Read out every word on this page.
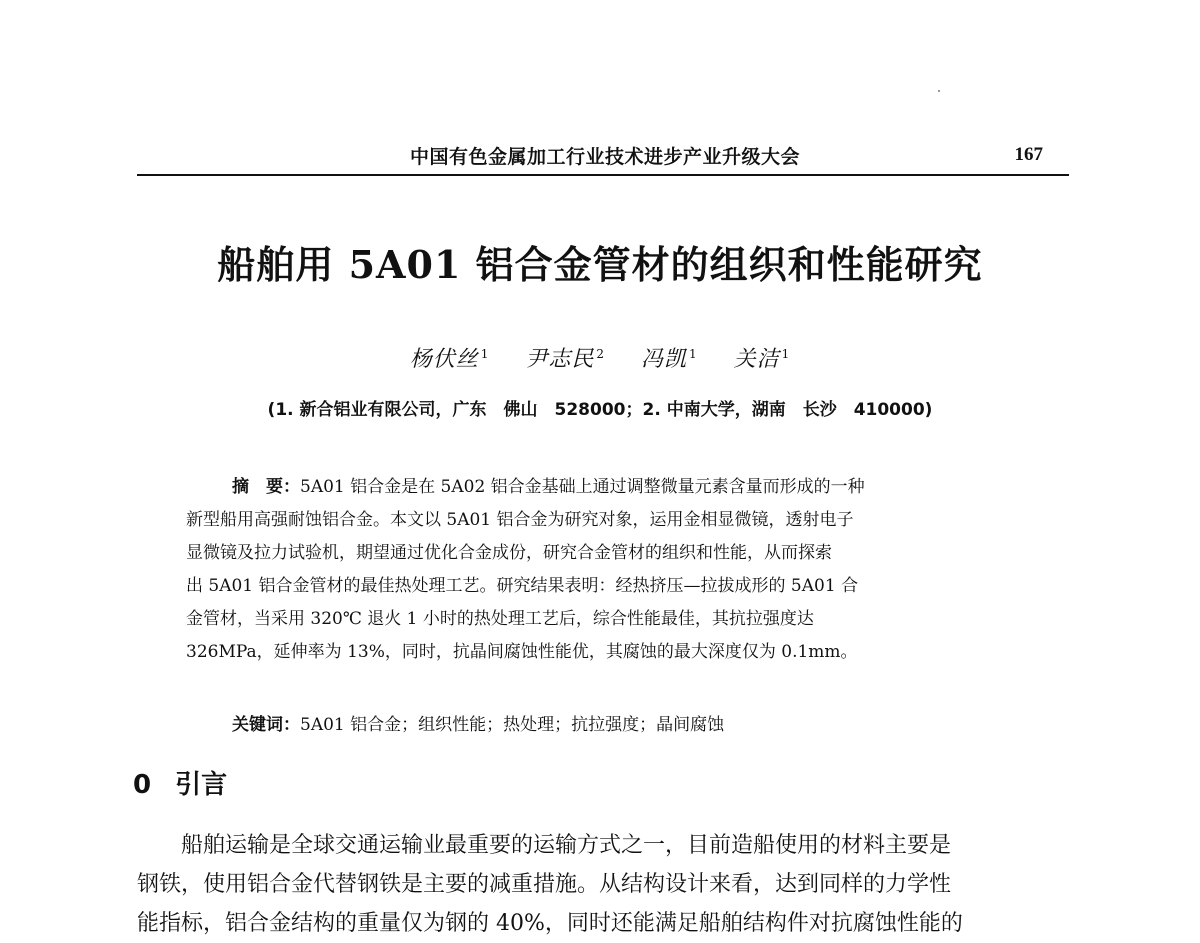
中国有色金属加工行业技术进步产业升级大会	167
船舶用 5A01 铝合金管材的组织和性能研究
杨伏丝 $^1$ 尹志民 $^2$ 冯凯 $^1$ 关洁 $^1$
(1. 新合铝业有限公司，广东　佛山　528000；2. 中南大学，湖南　长沙　410000)

摘　要：5A01 铝合金是在 5A02 铝合金基础上通过调整微量元素含量而形成的一种
新型船用高强耐蚀铝合金。本文以 5A01 铝合金为研究对象，运用金相显微镜，透射电子
显微镜及拉力试验机，期望通过优化合金成份，研究合金管材的组织和性能，从而探索
出 5A01 铝合金管材的最佳热处理工艺。研究结果表明：经热挤压—拉拔成形的 5A01 合
金管材，当采用 320℃ 退火 1 小时的热处理工艺后，综合性能最佳，其抗拉强度达
326MPa，延伸率为 13%，同时，抗晶间腐蚀性能优，其腐蚀的最大深度仅为 0.1mm。

关键词：5A01 铝合金；组织性能；热处理；抗拉强度；晶间腐蚀
0 引言

船舶运输是全球交通运输业最重要的运输方式之一，目前造船使用的材料主要是
钢铁，使用铝合金代替钢铁是主要的减重措施。从结构设计来看，达到同样的力学性
能指标，铝合金结构的重量仅为钢的 40%，同时还能满足船舶结构件对抗腐蚀性能的
